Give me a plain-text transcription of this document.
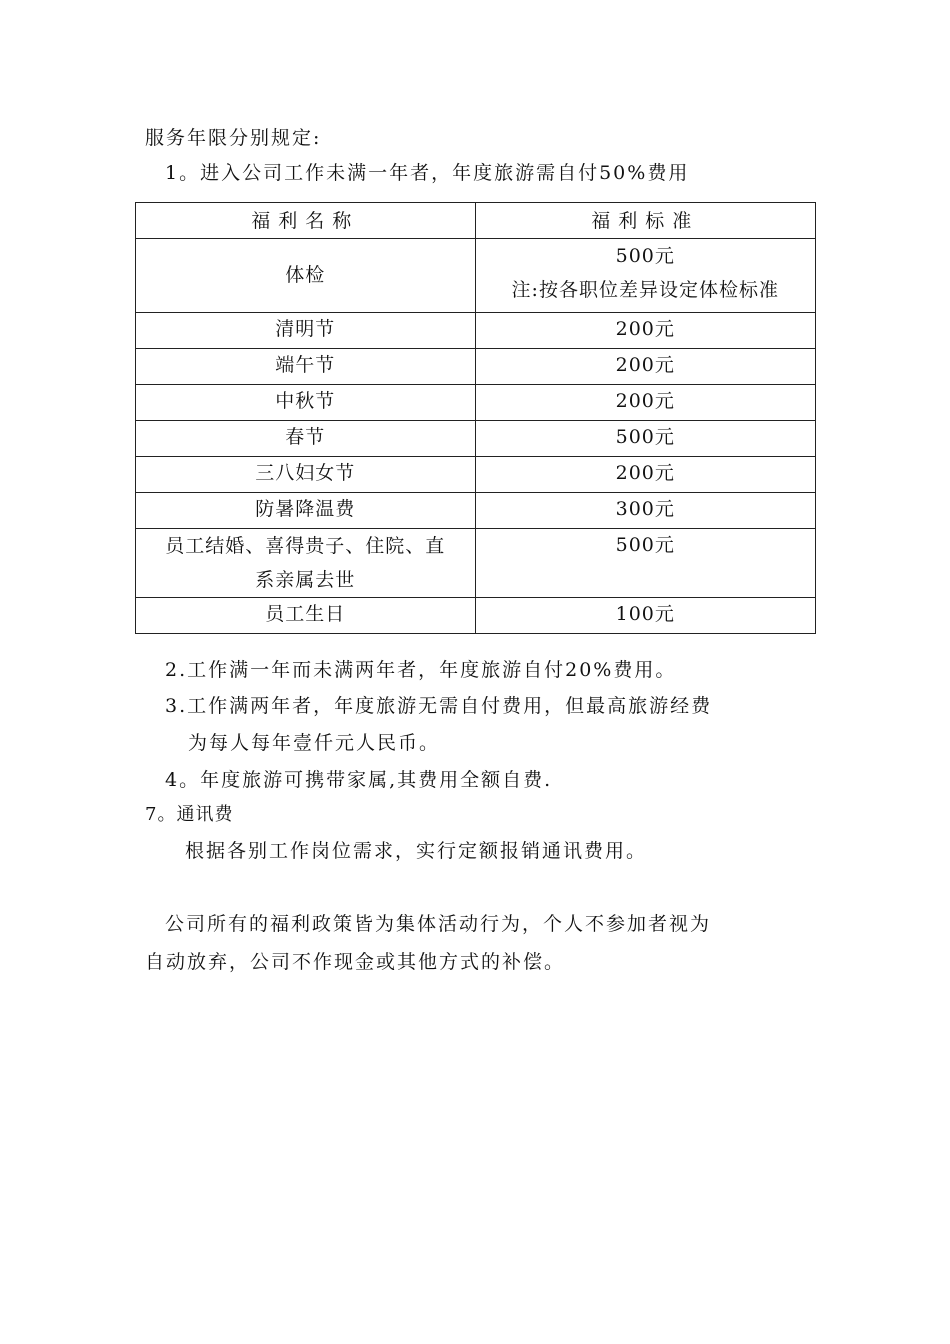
服务年限分别规定:
1。进入公司工作未满一年者，年度旅游需自付50%费用
福利名称	福利标准
体检	500元
注:按各职位差异设定体检标准

清明节	200元
端午节	200元
中秋节	200元
春节	500元
三八妇女节	200元
防暑降温费	300元

员工结婚、喜得贵子、住院、直
系亲属去世	500元
员工生日	100元
2.工作满一年而未满两年者，年度旅游自付20%费用。
3.工作满两年者，年度旅游无需自付费用，但最高旅游经费
为每人每年壹仟元人民币。
4。年度旅游可携带家属,其费用全额自费.
7。通讯费
根据各别工作岗位需求，实行定额报销通讯费用。
公司所有的福利政策皆为集体活动行为，个人不参加者视为
自动放弃，公司不作现金或其他方式的补偿。
